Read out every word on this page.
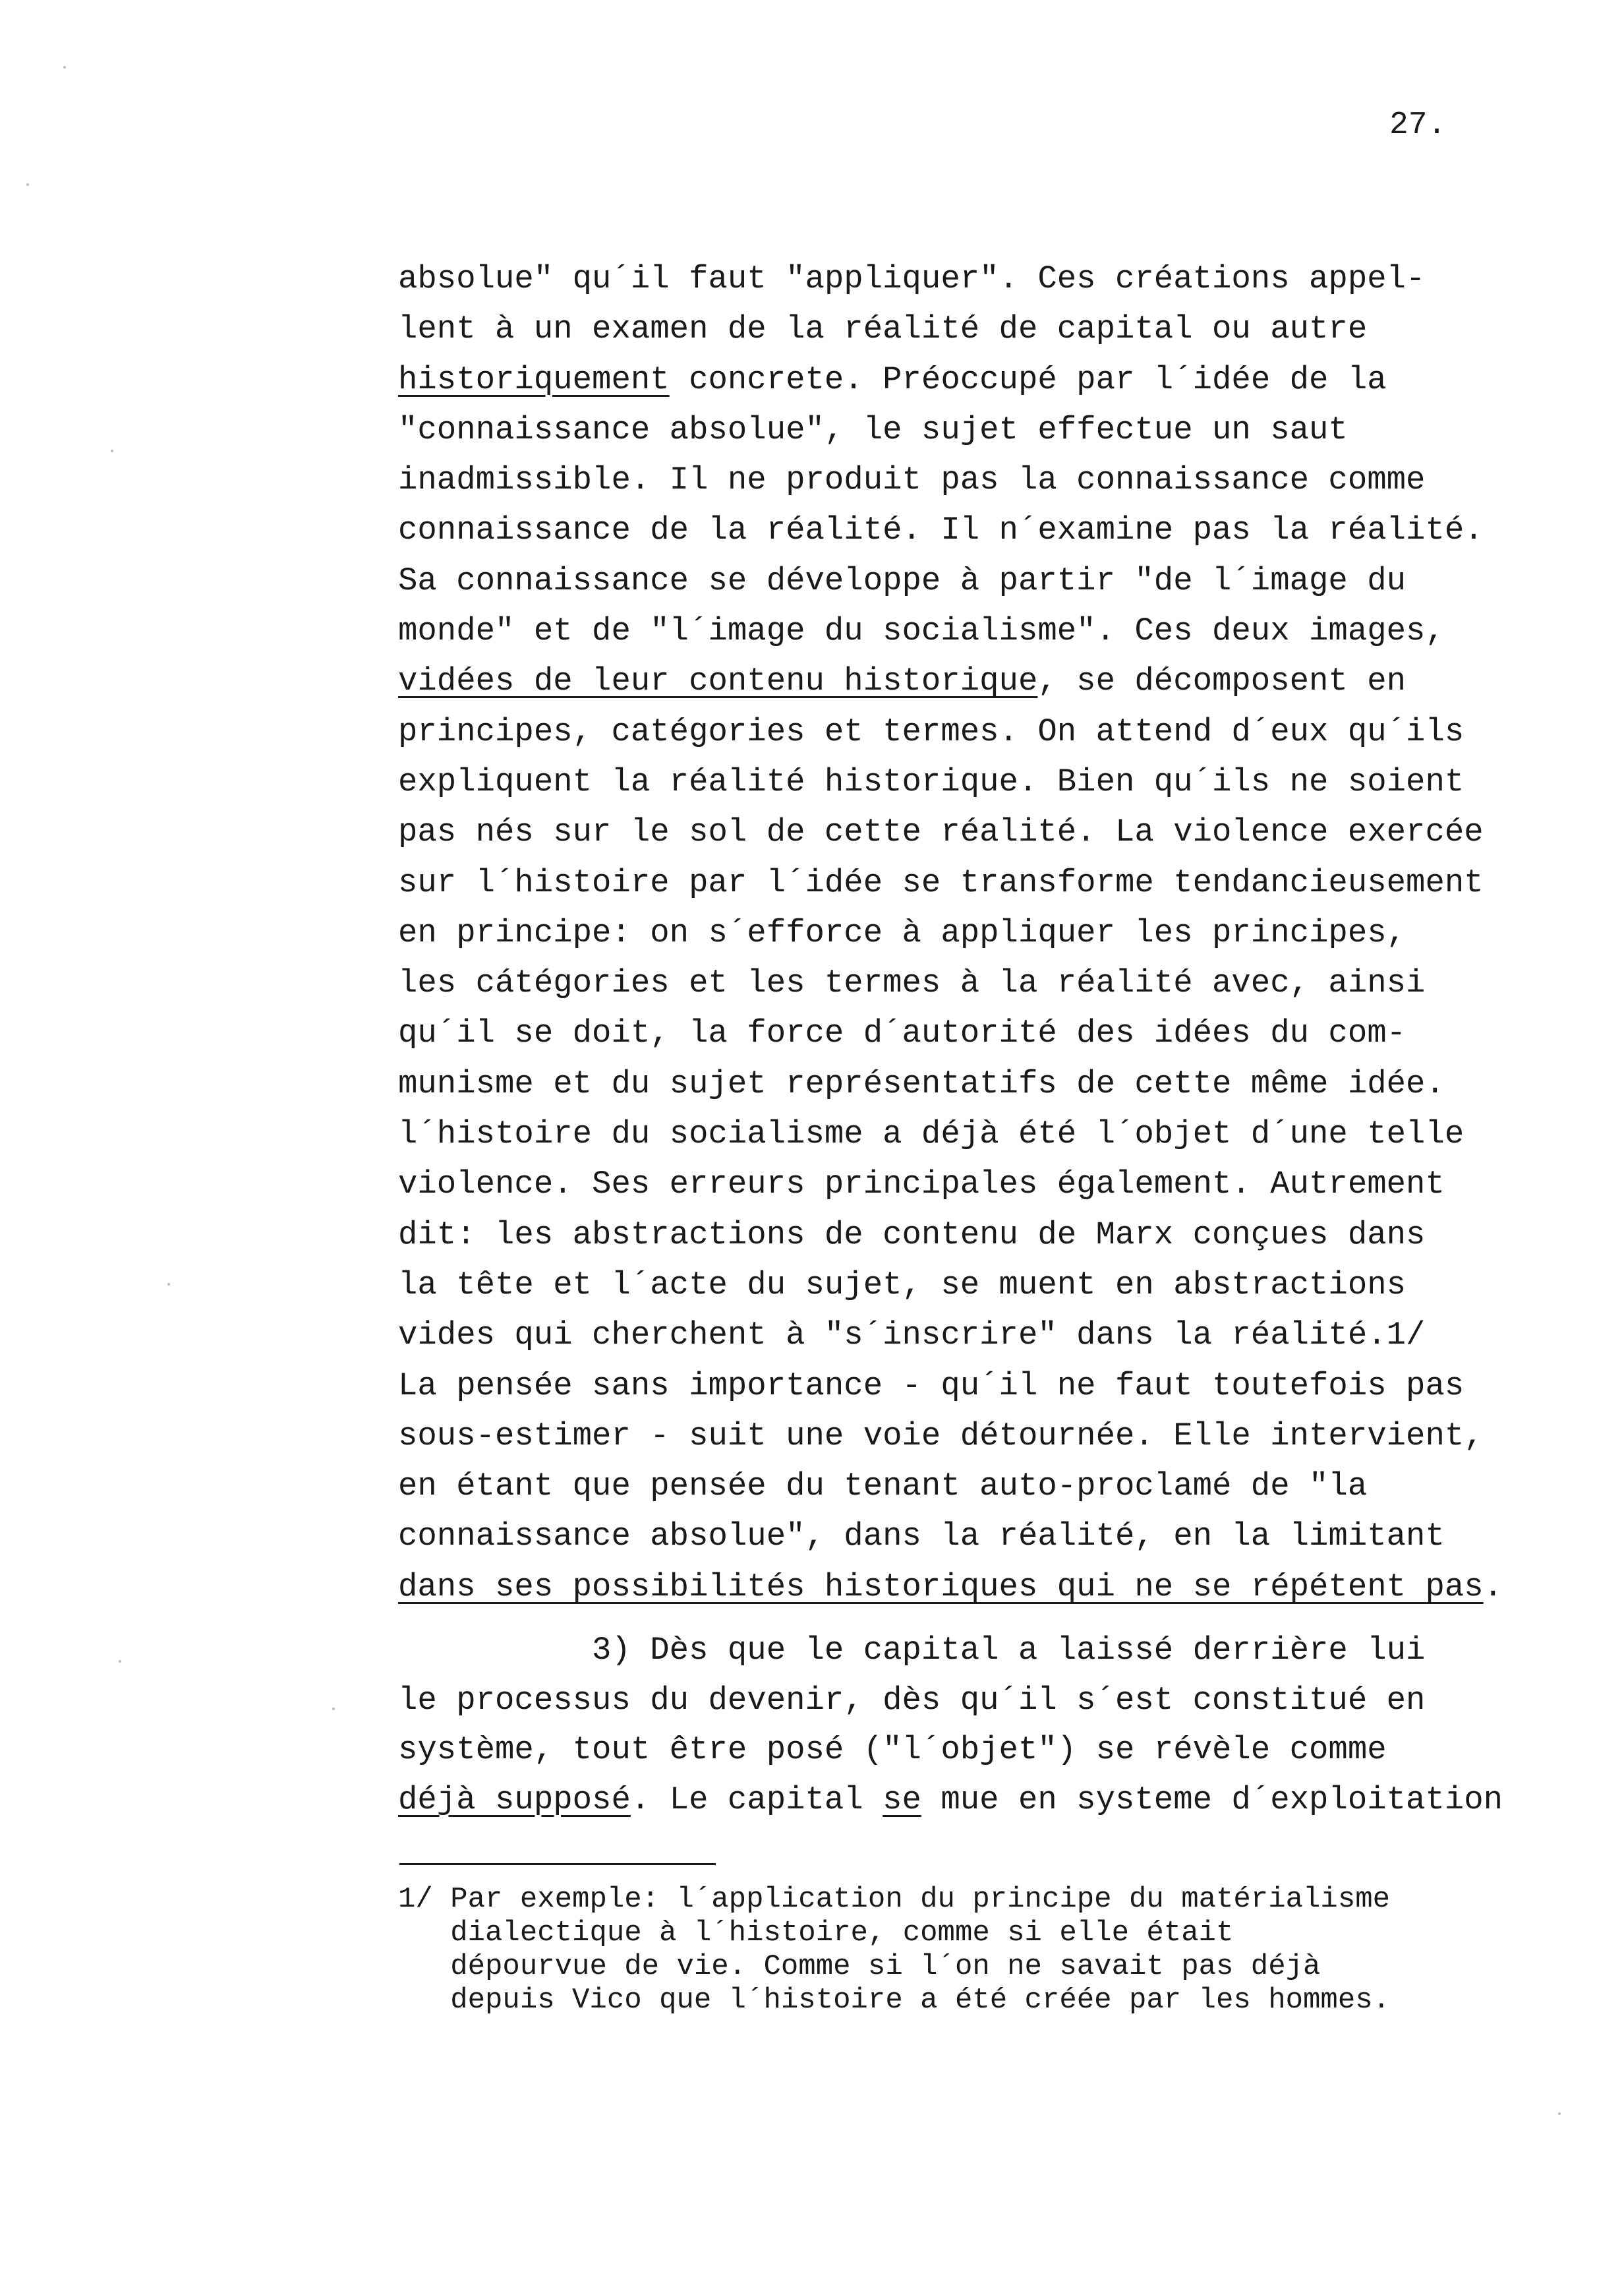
27.

absolue" qu´il faut "appliquer". Ces créations appel-
lent à un examen de la réalité de capital ou autre
historiquement concrete. Préoccupé par l´idée de la
"connaissance absolue", le sujet effectue un saut
inadmissible. Il ne produit pas la connaissance comme
connaissance de la réalité. Il n´examine pas la réalité.
Sa connaissance se développe à partir "de l´image du
monde" et de "l´image du socialisme". Ces deux images,
vidées de leur contenu historique, se décomposent en
principes, catégories et termes. On attend d´eux qu´ils
expliquent la réalité historique. Bien qu´ils ne soient
pas nés sur le sol de cette réalité. La violence exercée
sur l´histoire par l´idée se transforme tendancieusement
en principe: on s´efforce à appliquer les principes,
les cátégories et les termes à la réalité avec, ainsi
qu´il se doit, la force d´autorité des idées du com-
munisme et du sujet représentatifs de cette même idée.
l´histoire du socialisme a déjà été l´objet d´une telle
violence. Ses erreurs principales également. Autrement
dit: les abstractions de contenu de Marx conçues dans
la tête et l´acte du sujet, se muent en abstractions
vides qui cherchent à "s´inscrire" dans la réalité.1/
La pensée sans importance - qu´il ne faut toutefois pas
sous-estimer - suit une voie détournée. Elle intervient,
en étant que pensée du tenant auto-proclamé de "la
connaissance absolue", dans la réalité, en la limitant
dans ses possibilités historiques qui ne se répétent pas.
3) Dès que le capital a laissé derrière lui
le processus du devenir, dès qu´il s´est constitué en
système, tout être posé ("l´objet") se révèle comme
déjà supposé. Le capital se mue en systeme d´exploitation
1/ Par exemple: l´application du principe du matérialisme
dialectique à l´histoire, comme si elle était
dépourvue de vie. Comme si l´on ne savait pas déjà
depuis Vico que l´histoire a été créée par les hommes.
